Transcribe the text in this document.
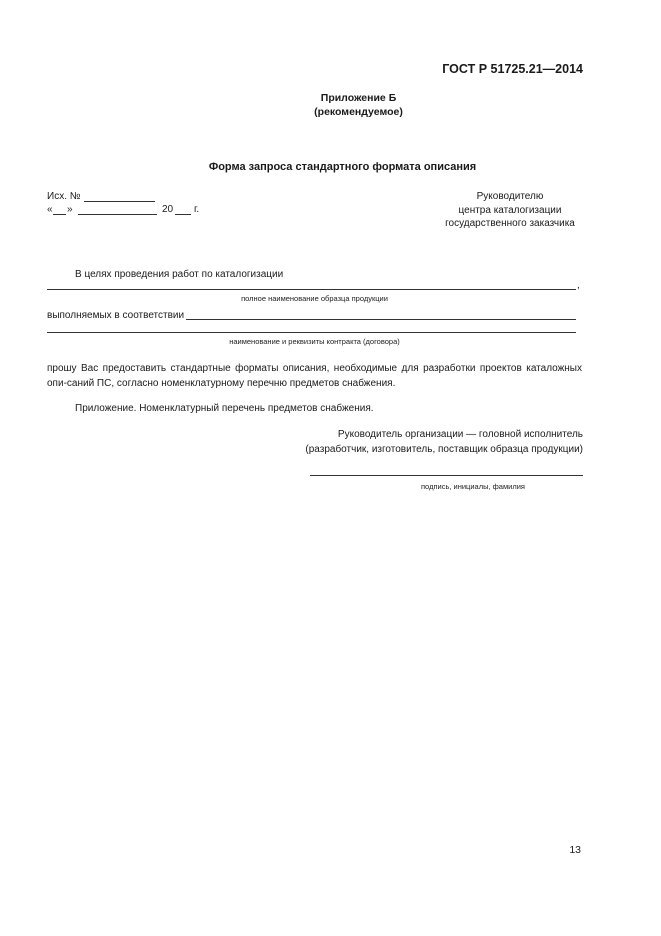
ГОСТ Р 51725.21—2014
Приложение Б
(рекомендуемое)
Форма запроса стандартного формата описания
Исх. №
« »	20 г.
Руководителю
центра каталогизации
государственного заказчика
В целях проведения работ по каталогизации
,
полное наименование образца продукции
выполняемых в соответствии
наименование и реквизиты контракта (договора)
прошу Вас предоставить стандартные форматы описания, необходимые для разработки проектов каталожных опи-саний ПС, согласно номенклатурному перечню предметов снабжения.
Приложение. Номенклатурный перечень предметов снабжения.
Руководитель организации — головной исполнитель
(разработчик, изготовитель, поставщик образца продукции)
подпись, инициалы, фамилия
13
